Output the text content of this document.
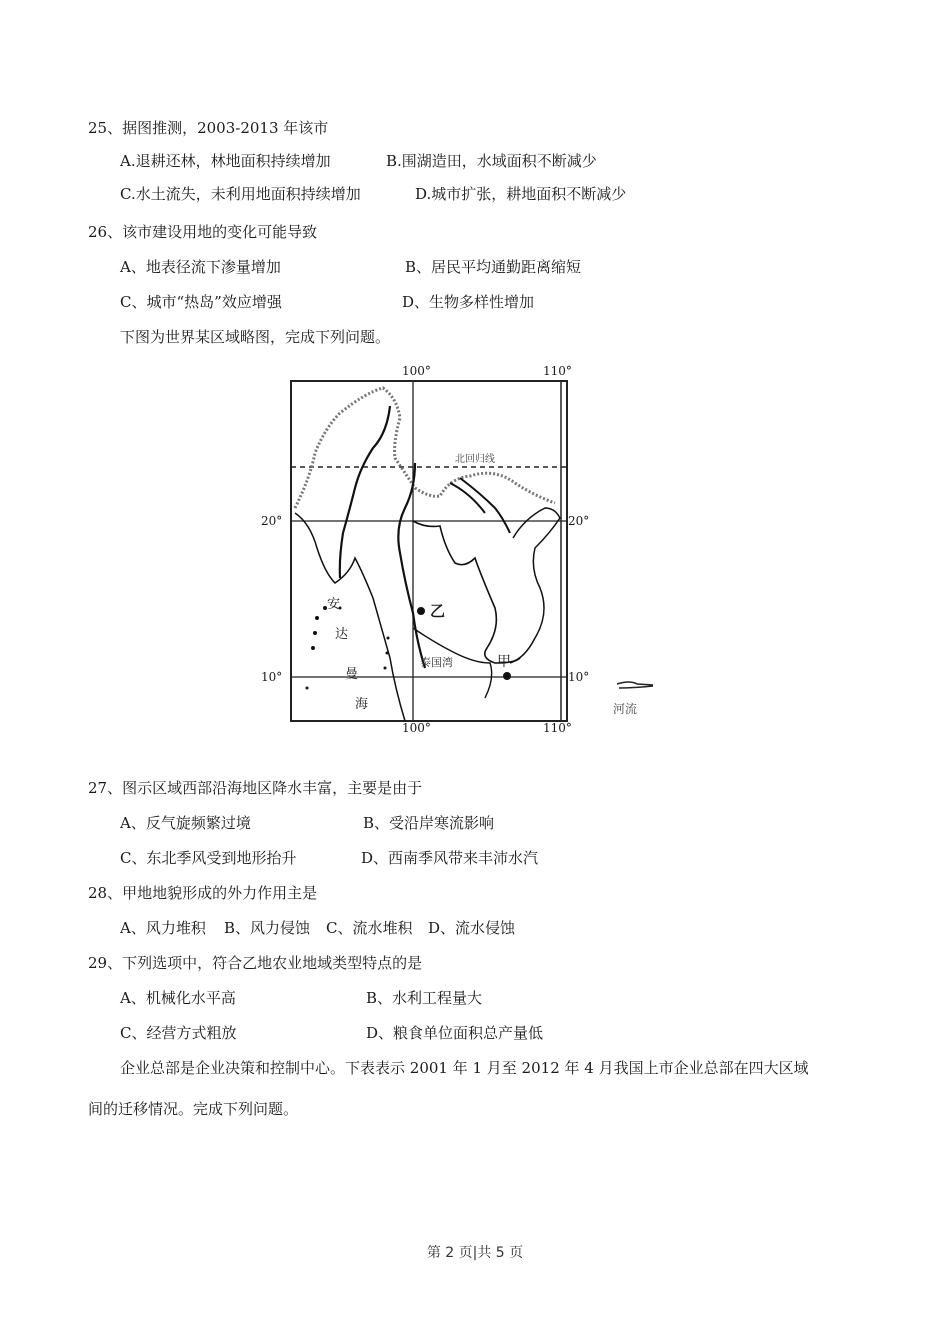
25、据图推测，2003-2013 年该市
A.退耕还林，林地面积持续增加	B.围湖造田，水域面积不断减少
C.水土流失，未利用地面积持续增加	D.城市扩张，耕地面积不断减少
26、该市建设用地的变化可能导致
A、地表径流下渗量增加	B、居民平均通勤距离缩短
C、城市“热岛”效应增强	D、生物多样性增加
下图为世界某区域略图，完成下列问题。
100°	110°
100°	110°
20°	20°
10°	10°
北回归线
安
达
曼
海
泰国湾
乙
甲
河流
27、图示区域西部沿海地区降水丰富，主要是由于
A、反气旋频繁过境	B、受沿岸寒流影响
C、东北季风受到地形抬升	D、西南季风带来丰沛水汽
28、甲地地貌形成的外力作用主是
A、风力堆积 B、风力侵蚀 C、流水堆积 D、流水侵蚀
29、下列选项中，符合乙地农业地域类型特点的是
A、机械化水平高	B、水利工程量大
C、经营方式粗放	D、粮食单位面积总产量低
企业总部是企业决策和控制中心。下表表示 2001 年 1 月至 2012 年 4 月我国上市企业总部在四大区域
间的迁移情况。完成下列问题。
第 2 页|共 5 页
